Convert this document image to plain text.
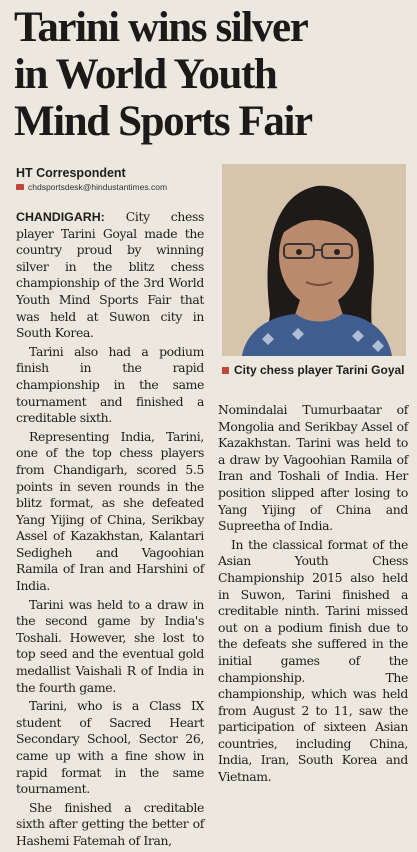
Tarini wins silver
in World Youth
Mind Sports Fair
HT Correspondent
chdsportsdesk@hindustantimes.com

CHANDIGARH: City chess player Tarini Goyal made the country proud by winning silver in the blitz chess championship of the 3rd World Youth Mind Sports Fair that was held at Suwon city in South Korea.

Tarini also had a podium finish in the rapid championship in the same tournament and finished a creditable sixth.

Representing India, Tarini, one of the top chess players from Chandigarh, scored 5.5 points in seven rounds in the blitz format, as she defeated Yang Yijing of China, Serikbay Assel of Kazakhstan, Kalantari Sedigheh and Vagoohian Ramila of Iran and Harshini of India.

Tarini was held to a draw in the second game by India's Toshali. However, she lost to top seed and the eventual gold medallist Vaishali R of India in the fourth game.

Tarini, who is a Class IX student of Sacred Heart Secondary School, Sector 26, came up with a fine show in rapid format in the same tournament.

She finished a creditable sixth after getting the better of Hashemi Fatemah of Iran,

City chess player Tarini Goyal

Nomindalai Tumurbaatar of Mongolia and Serikbay Assel of Kazakhstan. Tarini was held to a draw by Vagoohian Ramila of Iran and Toshali of India. Her position slipped after losing to Yang Yijing of China and Supreetha of India.

In the classical format of the Asian Youth Chess Championship 2015 also held in Suwon, Tarini finished a creditable ninth. Tarini missed out on a podium finish due to the defeats she suffered in the initial games of the championship. The championship, which was held from August 2 to 11, saw the participation of sixteen Asian countries, including China, India, Iran, South Korea and Vietnam.
